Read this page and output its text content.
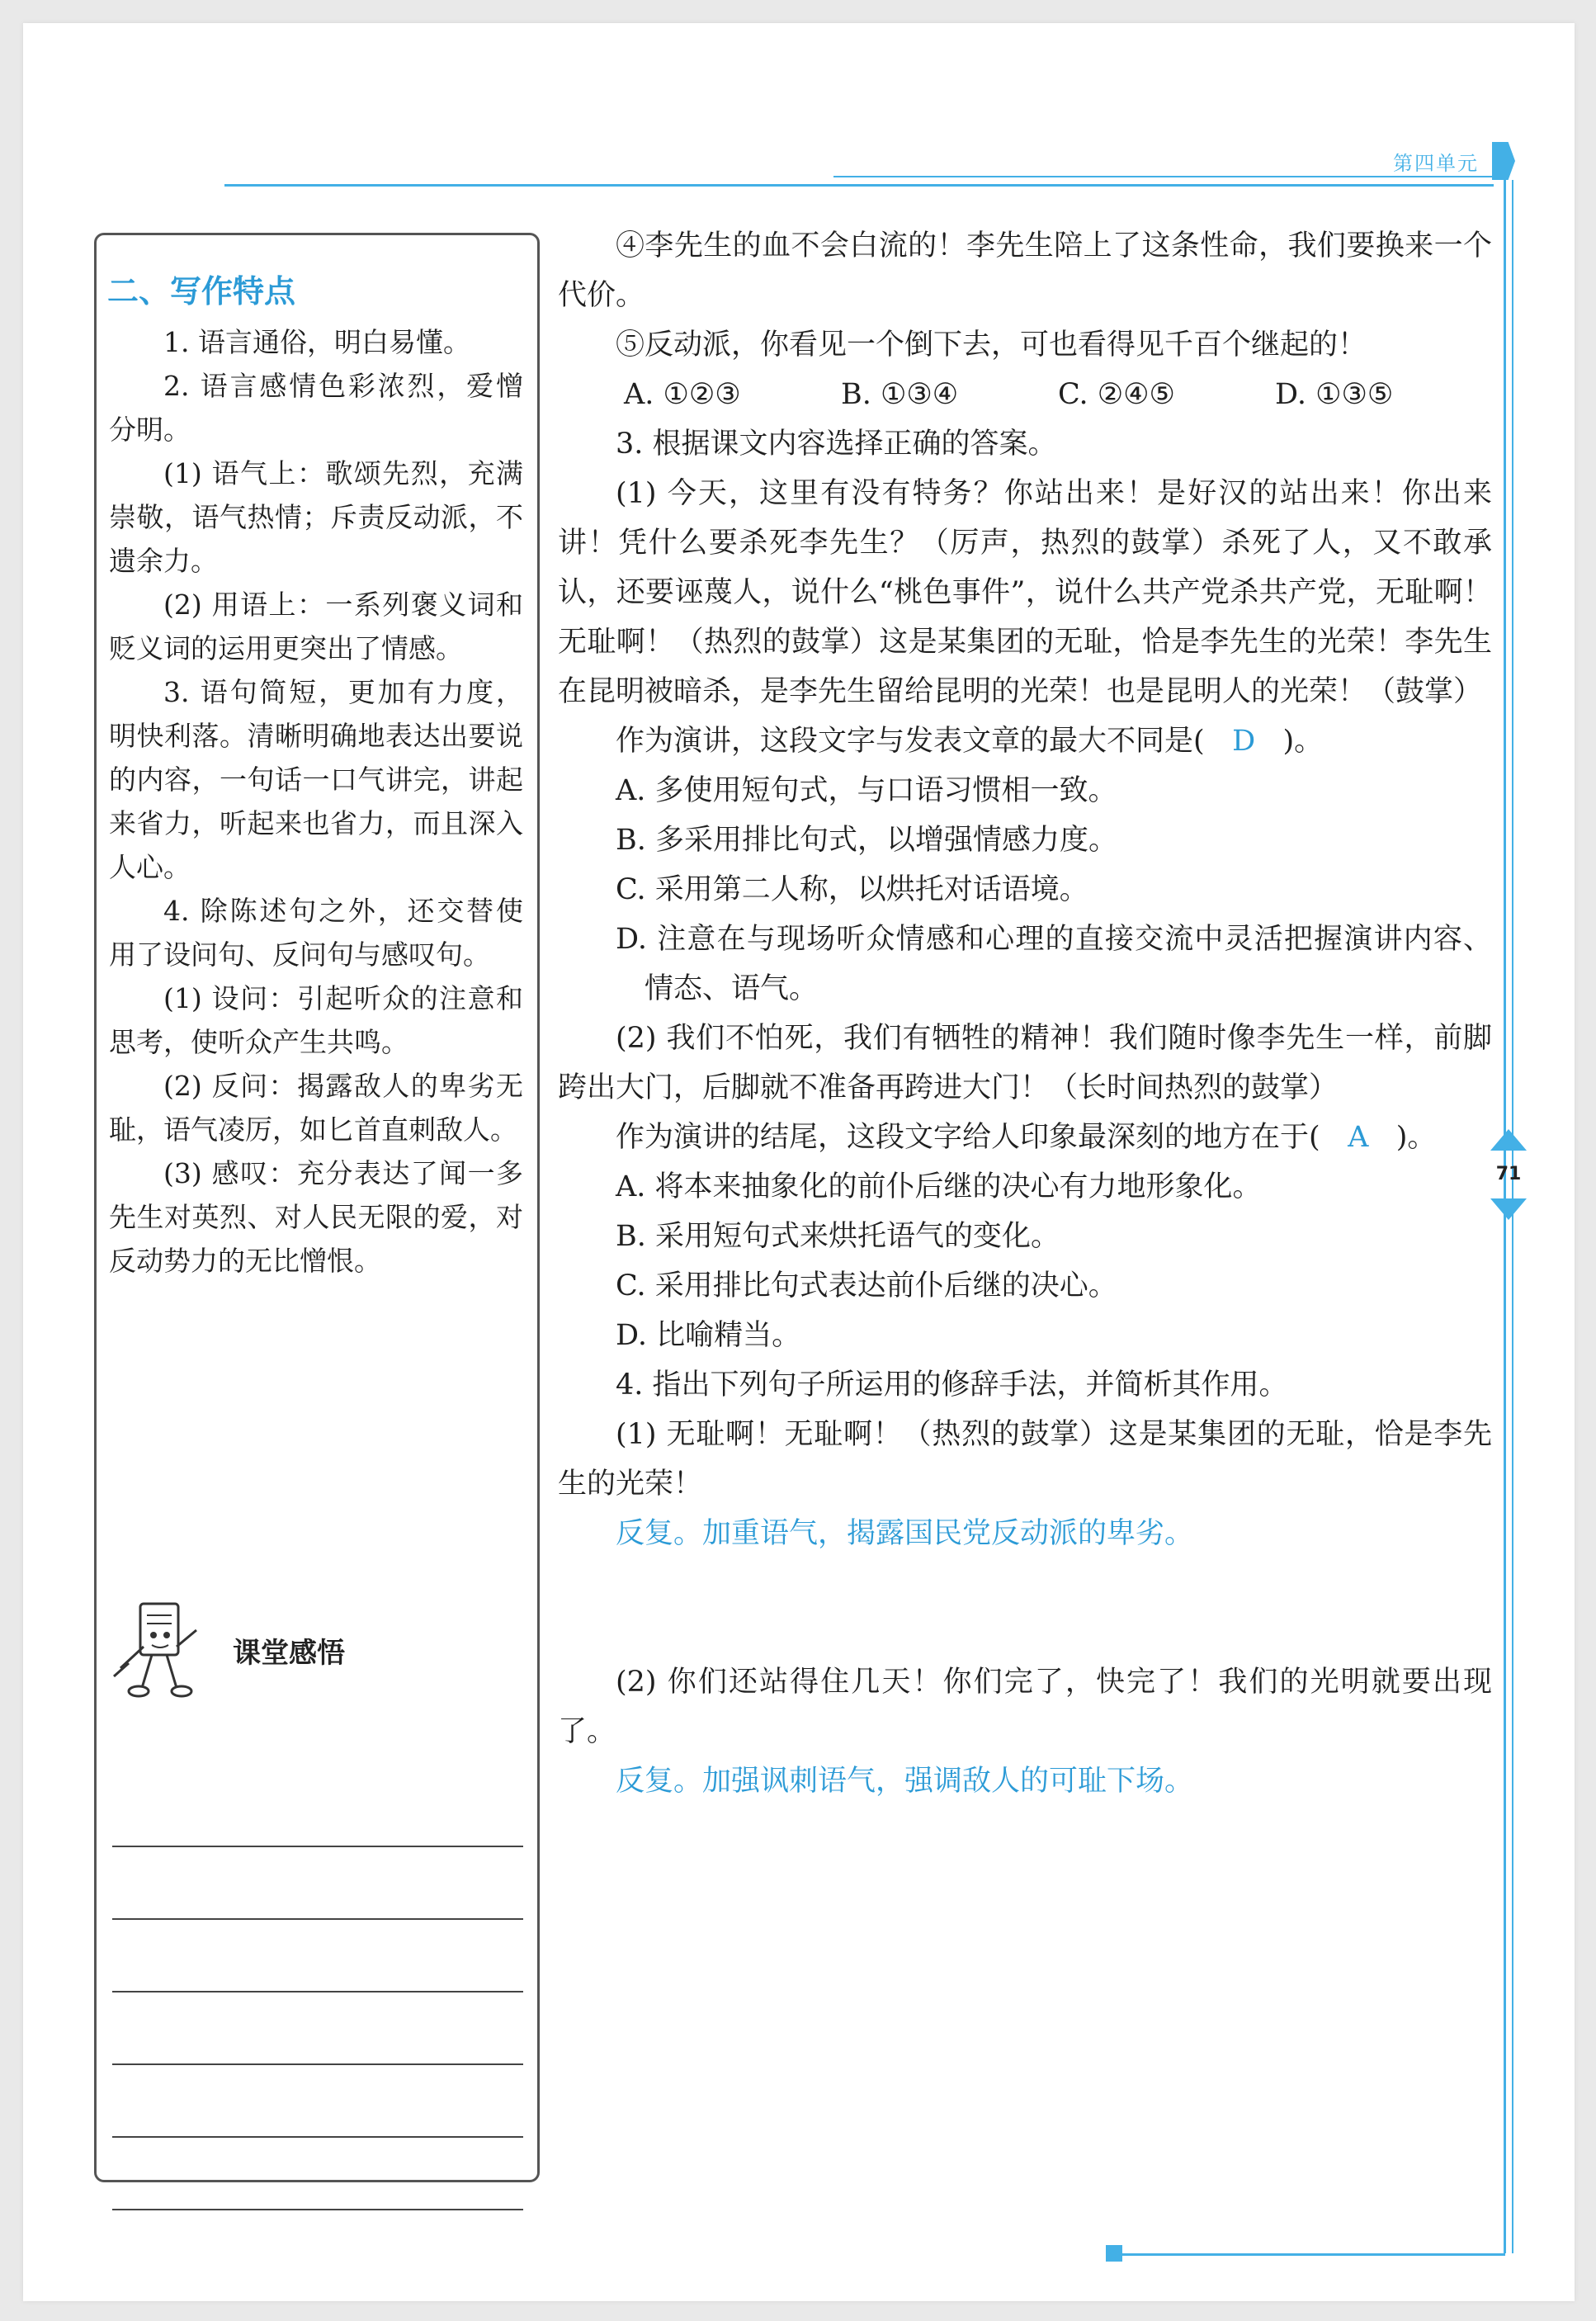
第四单元
71
二、写作特点

1. 语言通俗，明白易懂。

2. 语言感情色彩浓烈，爱憎分明。

(1) 语气上：歌颂先烈，充满崇敬，语气热情；斥责反动派，不遗余力。

(2) 用语上：一系列褒义词和贬义词的运用更突出了情感。

3. 语句简短，更加有力度，明快利落。清晰明确地表达出要说的内容，一句话一口气讲完，讲起来省力，听起来也省力，而且深入人心。

4. 除陈述句之外，还交替使用了设问句、反问句与感叹句。

(1) 设问：引起听众的注意和思考，使听众产生共鸣。

(2) 反问：揭露敌人的卑劣无耻，语气凌厉，如匕首直刺敌人。

(3) 感叹：充分表达了闻一多先生对英烈、对人民无限的爱，对反动势力的无比憎恨。

课堂感悟

④李先生的血不会白流的！李先生陪上了这条性命，我们要换来一个代价。

⑤反动派，你看见一个倒下去，可也看得见千百个继起的！

A. ①②③	B. ①③④	C. ②④⑤	D. ①③⑤

3. 根据课文内容选择正确的答案。

(1) 今天，这里有没有特务？你站出来！是好汉的站出来！你出来讲！凭什么要杀死李先生？（厉声，热烈的鼓掌）杀死了人，又不敢承认，还要诬蔑人，说什么“桃色事件”，说什么共产党杀共产党，无耻啊！无耻啊！（热烈的鼓掌）这是某集团的无耻，恰是李先生的光荣！李先生在昆明被暗杀，是李先生留给昆明的光荣！也是昆明人的光荣！（鼓掌）

作为演讲，这段文字与发表文章的最大不同是( D )。

A. 多使用短句式，与口语习惯相一致。

B. 多采用排比句式，以增强情感力度。

C. 采用第二人称，以烘托对话语境。

D. 注意在与现场听众情感和心理的直接交流中灵活把握演讲内容、情态、语气。

(2) 我们不怕死，我们有牺牲的精神！我们随时像李先生一样，前脚跨出大门，后脚就不准备再跨进大门！（长时间热烈的鼓掌）

作为演讲的结尾，这段文字给人印象最深刻的地方在于( A )。

A. 将本来抽象化的前仆后继的决心有力地形象化。

B. 采用短句式来烘托语气的变化。

C. 采用排比句式表达前仆后继的决心。

D. 比喻精当。

4. 指出下列句子所运用的修辞手法，并简析其作用。

(1) 无耻啊！无耻啊！（热烈的鼓掌）这是某集团的无耻，恰是李先生的光荣！

反复。加重语气，揭露国民党反动派的卑劣。

(2) 你们还站得住几天！你们完了，快完了！我们的光明就要出现了。

反复。加强讽刺语气，强调敌人的可耻下场。
